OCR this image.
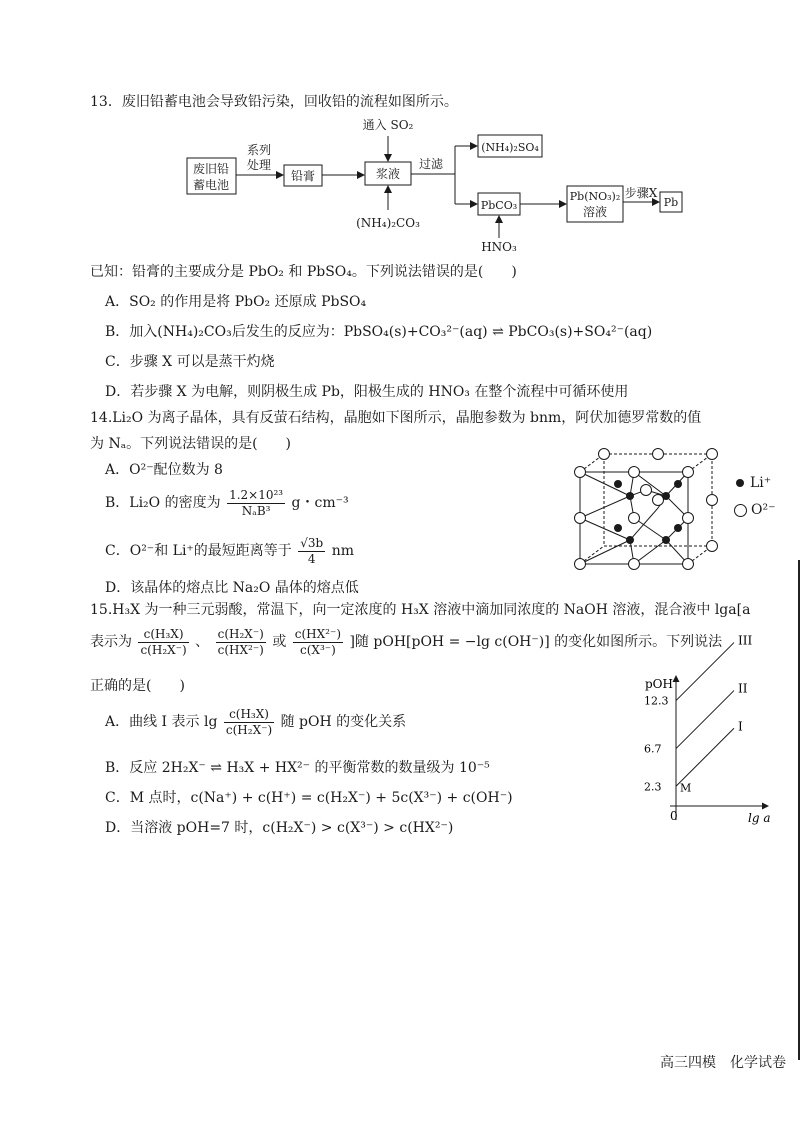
13．废旧铅蓄电池会导致铅污染，回收铅的流程如图所示。
废旧铅
蓄电池
系列
处理
铅膏
通入 SO₂
浆液
(NH₄)₂CO₃
过滤
(NH₄)₂SO₄
PbCO₃
Pb(NO₃)₂
溶液
步骤X
Pb
HNO₃
已知：铅膏的主要成分是 PbO₂ 和 PbSO₄。下列说法错误的是(　　)
A．SO₂ 的作用是将 PbO₂ 还原成 PbSO₄
B．加入(NH₄)₂CO₃后发生的反应为：PbSO₄(s)+CO₃²⁻(aq) ⇌ PbCO₃(s)+SO₄²⁻(aq)
C．步骤 X 可以是蒸干灼烧
D．若步骤 X 为电解，则阴极生成 Pb，阳极生成的 HNO₃ 在整个流程中可循环使用
14.Li₂O 为离子晶体，具有反萤石结构，晶胞如下图所示，晶胞参数为 bnm，阿伏加德罗常数的值
为 Nₐ。下列说法错误的是(　　)
A．O²⁻配位数为 8
B．Li₂O 的密度为 $\frac{\text{1.2×10²³}}{\text{NₐB³}}$ g・cm⁻³
C．O²⁻和 Li⁺的最短距离等于 $\frac{√3b}{4}$ nm
D．该晶体的熔点比 Na₂O 晶体的熔点低
Li⁺
O²⁻
15.H₃X 为一种三元弱酸，常温下，向一定浓度的 H₃X 溶液中滴加同浓度的 NaOH 溶液，混合液中 lga[a
表示为 $\frac{\text{c(H₃X)}}{\text{c(H₂X⁻)}}$ 、 $\frac{\text{c(H₂X⁻)}}{\text{c(HX²⁻)}}$ 或 $\frac{\text{c(HX²⁻)}}{\text{c(X³⁻)}}$ ]随 pOH[pOH = −lg c(OH⁻)] 的变化如图所示。下列说法
正确的是(　　)
A．曲线 I 表示 $\lg \frac{\text{c(H₃X)}}{\text{c(H₂X⁻)}}$ 随 pOH 的变化关系
B．反应 2H₂X⁻ ⇌ H₃X + HX²⁻ 的平衡常数的数量级为 10⁻⁵
C．M 点时，c(Na⁺) + c(H⁺) = c(H₂X⁻) + 5c(X³⁻) + c(OH⁻)
D．当溶液 pOH=7 时，c(H₂X⁻) > c(X³⁻) > c(HX²⁻)
pOH
lg a
0
I
II
III
12.3
6.7
2.3 M
高三四模　化学试卷
